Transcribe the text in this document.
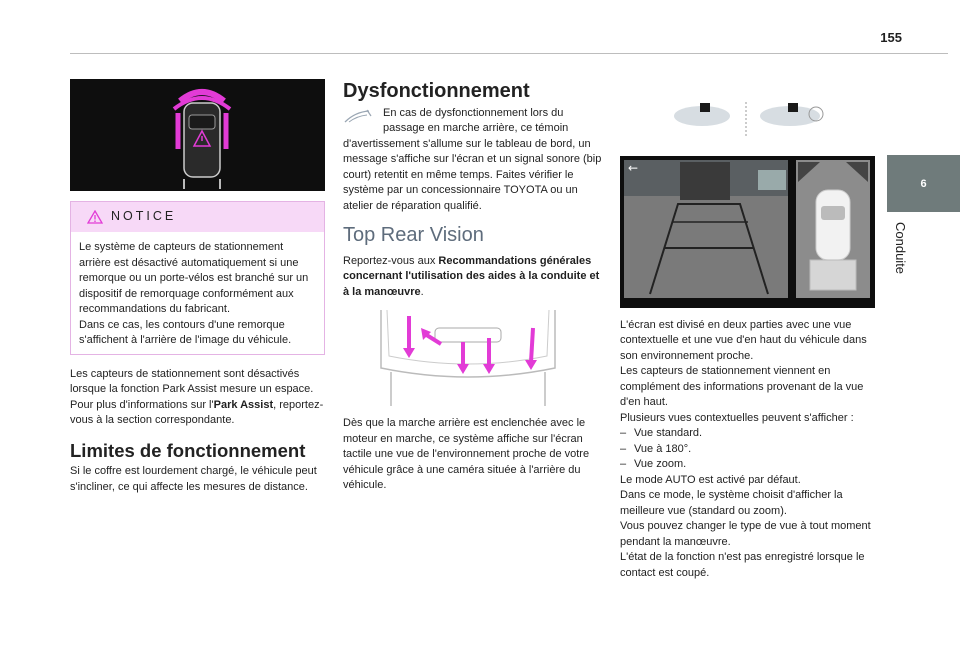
155
6
Conduite
NOTICE

Le système de capteurs de stationnement arrière est désactivé automatiquement si une remorque ou un porte-vélos est branché sur un dispositif de remorquage conformément aux recommandations du fabricant.

Dans ce cas, les contours d'une remorque s'affichent à l'arrière de l'image du véhicule.

Les capteurs de stationnement sont désactivés lorsque la fonction Park Assist mesure un espace.

Pour plus d'informations sur l'Park Assist, reportez-vous à la section correspondante.

Limites de fonctionnement

Si le coffre est lourdement chargé, le véhicule peut s'incliner, ce qui affecte les mesures de distance.

Dysfonctionnement

En cas de dysfonctionnement lors du passage en marche arrière, ce témoin

d'avertissement s'allume sur le tableau de bord, un message s'affiche sur l'écran et un signal sonore (bip court) retentit en même temps. Faites vérifier le système par un concessionnaire TOYOTA ou un atelier de réparation qualifié.

Top Rear Vision

Reportez-vous aux Recommandations générales concernant l'utilisation des aides à la conduite et à la manœuvre.

Dès que la marche arrière est enclenchée avec le moteur en marche, ce système affiche sur l'écran tactile une vue de l'environnement proche de votre véhicule grâce à une caméra située à l'arrière du véhicule.

←

L'écran est divisé en deux parties avec une vue contextuelle et une vue d'en haut du véhicule dans son environnement proche.

Les capteurs de stationnement viennent en complément des informations provenant de la vue d'en haut.

Plusieurs vues contextuelles peuvent s'afficher :

– Vue standard.
– Vue à 180°.
– Vue zoom.

Le mode AUTO est activé par défaut.

Dans ce mode, le système choisit d'afficher la meilleure vue (standard ou zoom).

Vous pouvez changer le type de vue à tout moment pendant la manœuvre.

L'état de la fonction n'est pas enregistré lorsque le contact est coupé.
